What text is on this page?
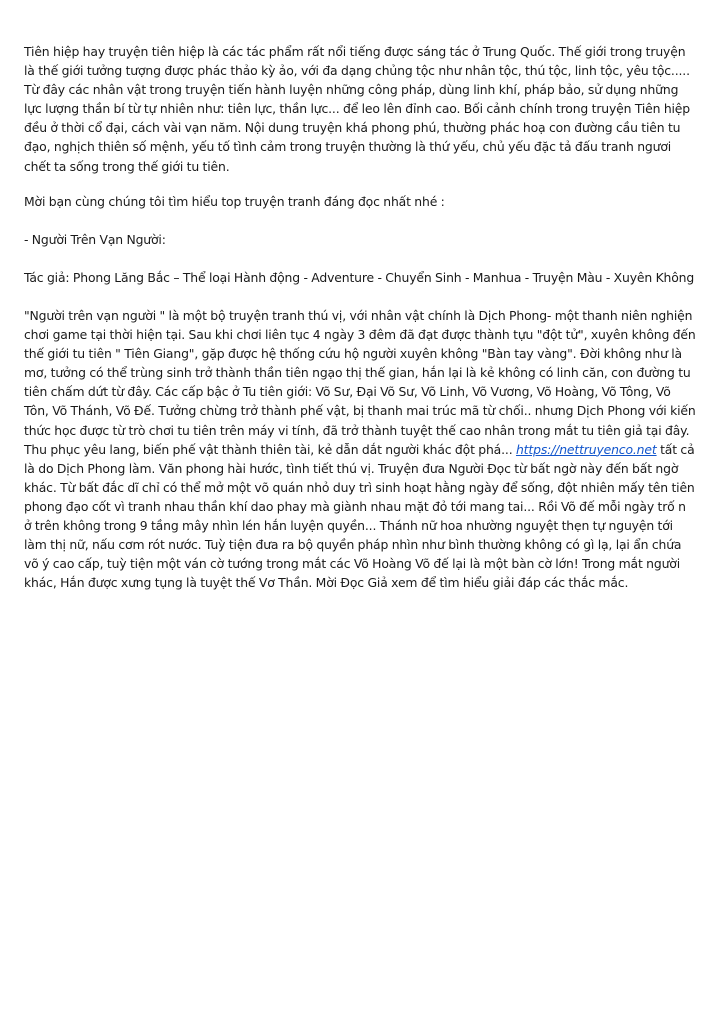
Tiên hiệp hay truyện tiên hiệp là các tác phẩm rất nổi tiếng được sáng tác ở Trung Quốc. Thế giới trong truyện là thế giới tưởng tượng được phác thảo kỳ ảo, với đa dạng chủng tộc như nhân tộc, thú tộc, linh tộc, yêu tộc..... Từ đây các nhân vật trong truyện tiến hành luyện những công pháp, dùng linh khí, pháp bảo, sử dụng những lực lượng thần bí từ tự nhiên như: tiên lực, thần lực... để leo lên đỉnh cao. Bối cảnh chính trong truyện Tiên hiệp đều ở thời cổ đại, cách vài vạn năm. Nội dung truyện khá phong phú, thường phác hoạ con đường cầu tiên tu đạo, nghịch thiên số mệnh, yếu tố tình cảm trong truyện thường là thứ yếu, chủ yếu đặc tả đấu tranh ngươi chết ta sống trong thế giới tu tiên.

Mời bạn cùng chúng tôi tìm hiểu top truyện tranh đáng đọc nhất nhé :

- Người Trên Vạn Người:

Tác giả: Phong Lăng Bắc – Thể loại Hành động - Adventure - Chuyển Sinh - Manhua - Truyện Màu - Xuyên Không

"Người trên vạn người " là một bộ truyện tranh thú vị, với nhân vật chính là Dịch Phong- một thanh niên nghiện chơi game tại thời hiện tại. Sau khi chơi liên tục 4 ngày 3 đêm đã đạt được thành tựu "đột tử", xuyên không đến thế giới tu tiên " Tiên Giang", gặp được hệ thống cứu hộ người xuyên không "Bàn tay vàng". Đời không như là mơ, tưởng có thể trùng sinh trở thành thần tiên ngạo thị thế gian, hắn lại là kẻ không có linh căn, con đường tu tiên chấm dứt từ đây. Các cấp bậc ở Tu tiên giới: Võ Sư, Đại Võ Sư, Võ Linh, Võ Vương, Võ Hoàng, Võ Tông, Võ Tôn, Võ Thánh, Võ Đế. Tưởng chừng trở thành phế vật, bị thanh mai trúc mã từ chối.. nhưng Dịch Phong với kiến thức học được từ trò chơi tu tiên trên máy vi tính, đã trở thành tuyệt thế cao nhân trong mắt tu tiên giả tại đây. Thu phục yêu lang, biến phế vật thành thiên tài, kẻ dẫn dắt người khác đột phá... https://nettruyenco.net tất cả là do Dịch Phong làm. Văn phong hài hước, tình tiết thú vị. Truyện đưa Người Đọc từ bất ngờ này đến bất ngờ khác. Từ bất đắc dĩ chỉ có thể mở một võ quán nhỏ duy trì sinh hoạt hằng ngày để sống, đột nhiên mấy tên tiên phong đạo cốt vì tranh nhau thần khí dao phay mà giành nhau mặt đỏ tới mang tai... Rồi Võ đế mỗi ngày trố n ở trên không trong 9 tầng mây nhìn lén hắn luyện quyền... Thánh nữ hoa nhường nguyệt thẹn tự nguyện tới làm thị nữ, nấu cơm rót nước. Tuỳ tiện đưa ra bộ quyền pháp nhìn như bình thường không có gì lạ, lại ẩn chứa võ ý cao cấp, tuỳ tiện một ván cờ tướng trong mắt các Võ Hoàng Võ đế lại là một bàn cờ lớn! Trong mắt người khác, Hắn được xưng tụng là tuyệt thế Vơ Thần. Mời Đọc Giả xem để tìm hiểu giải đáp các thắc mắc.
